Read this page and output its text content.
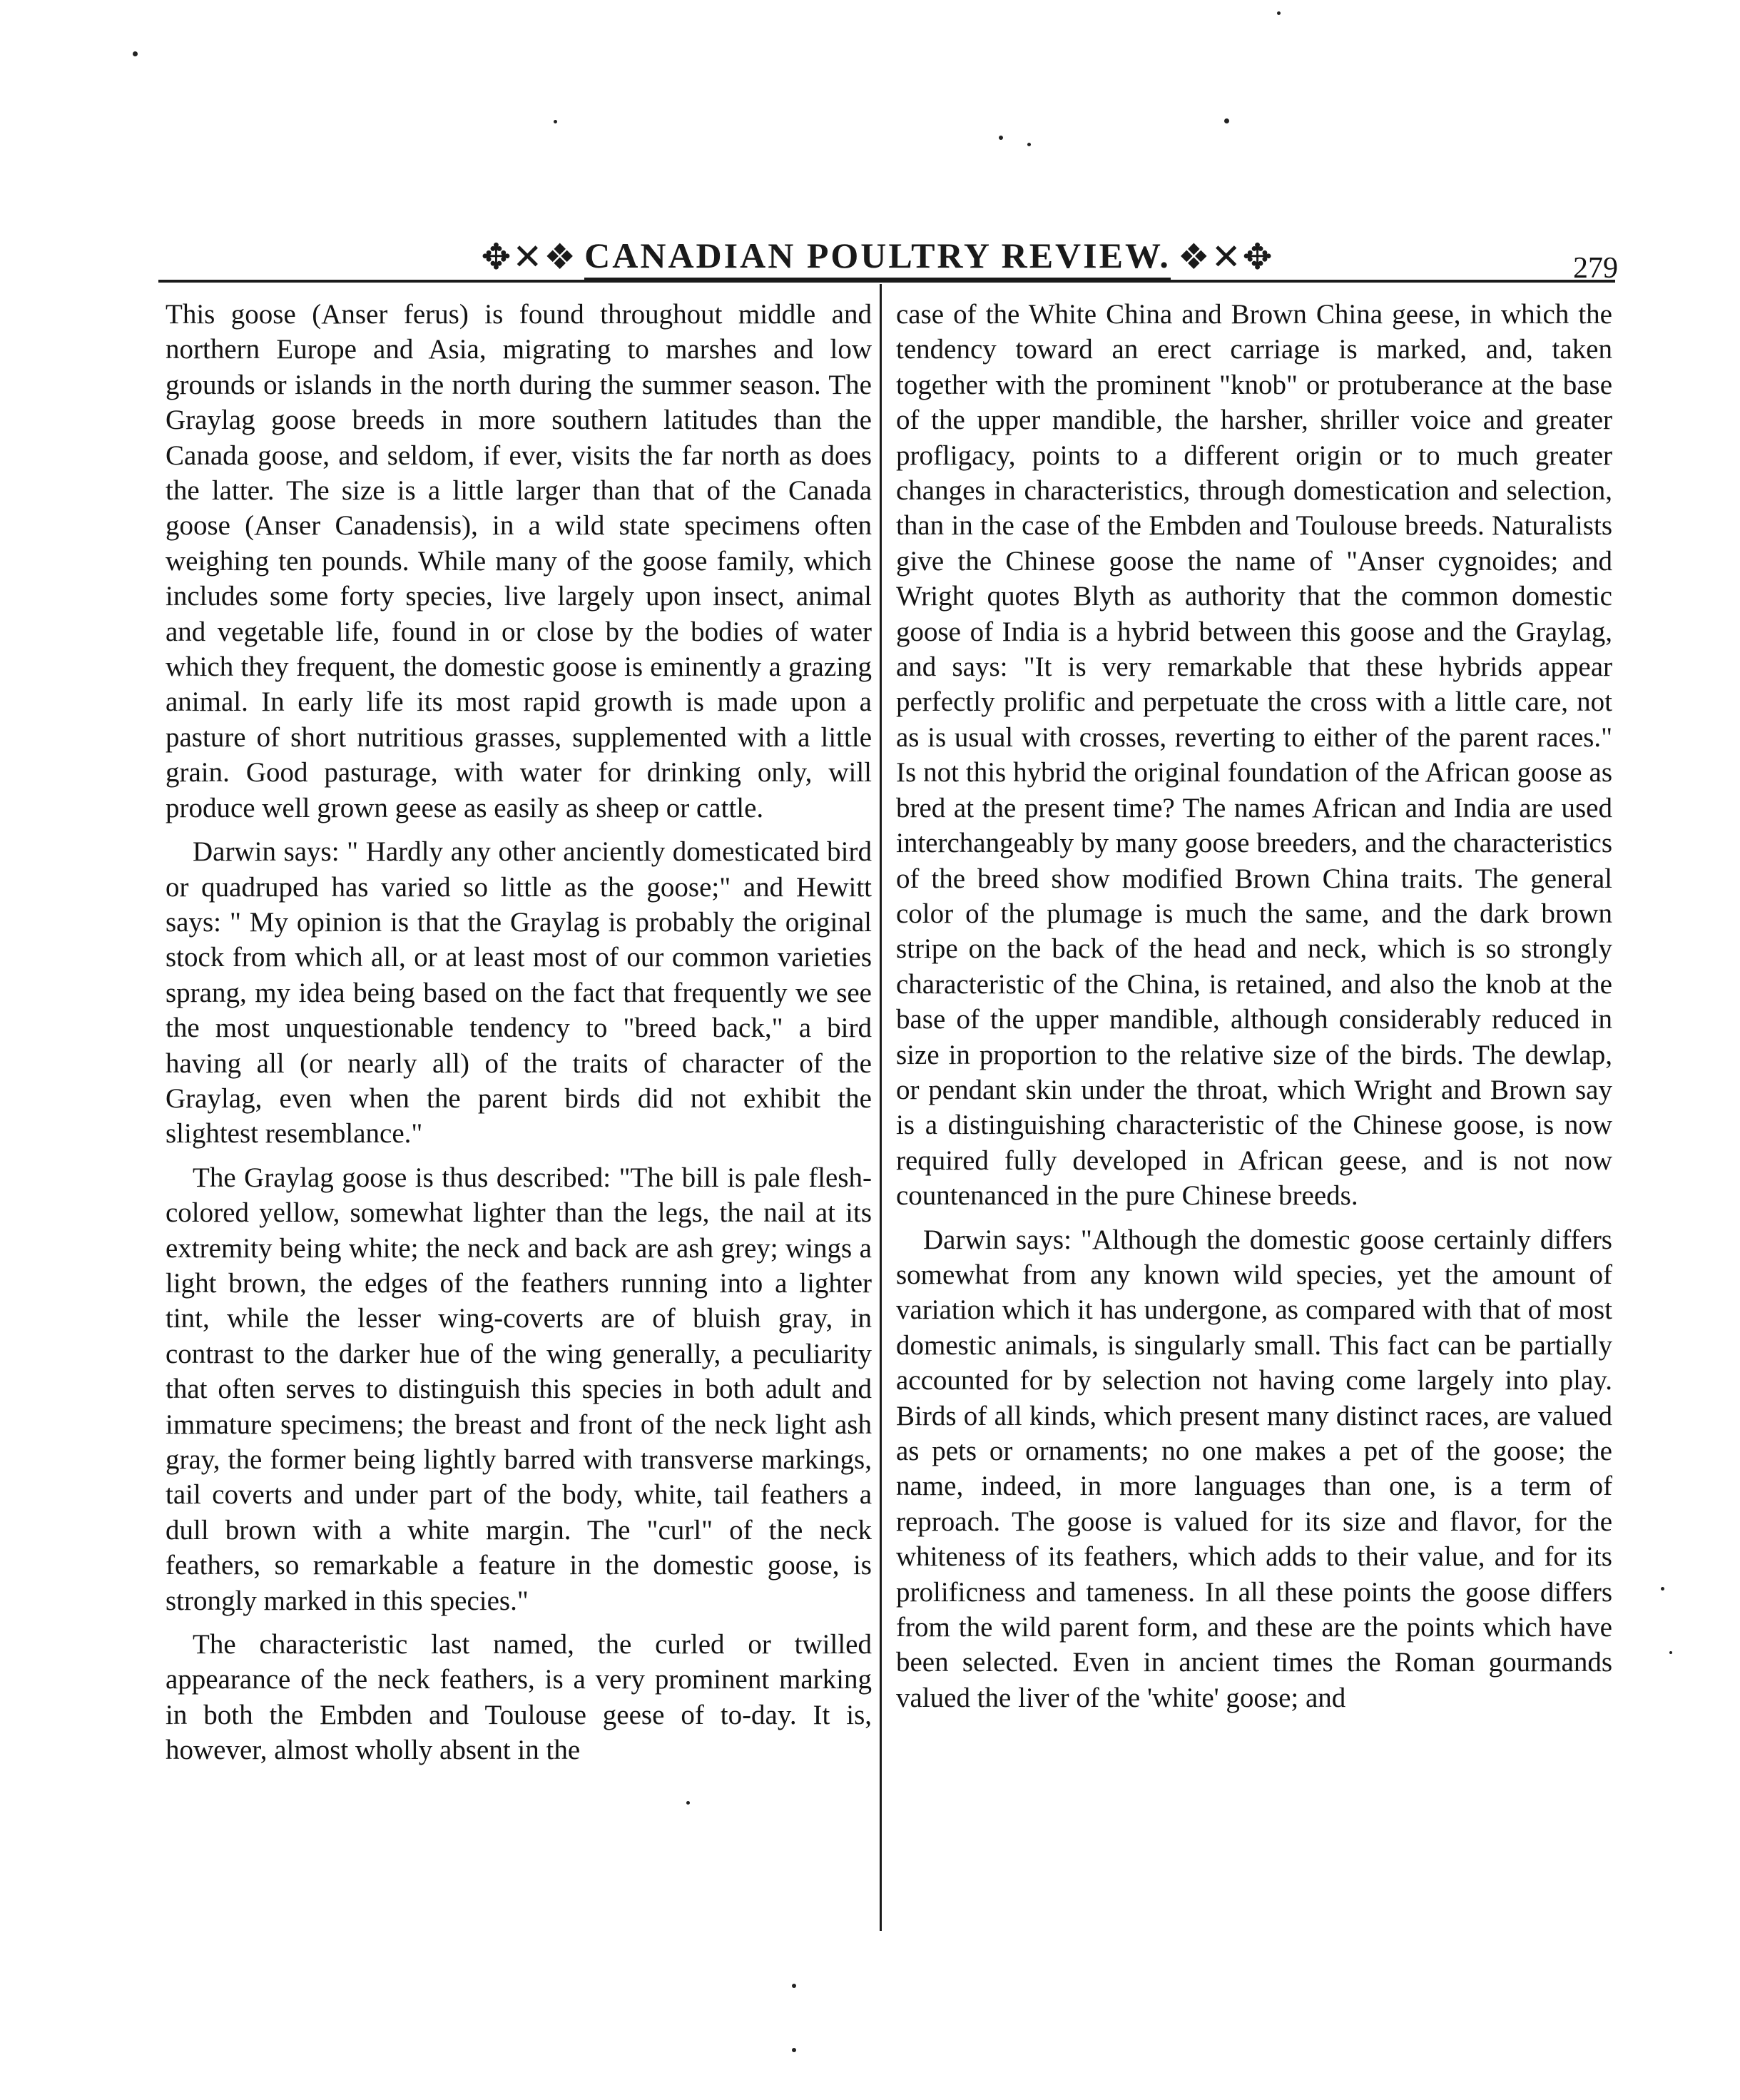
✥✕❖ CANADIAN POULTRY REVIEW. ❖✕✥	279

This goose (Anser ferus) is found throughout middle and northern Europe and Asia, migrating to marshes and low grounds or islands in the north during the summer season. The Graylag goose breeds in more southern latitudes than the Canada goose, and seldom, if ever, visits the far north as does the latter. The size is a little larger than that of the Canada goose (Anser Canadensis), in a wild state specimens often weighing ten pounds. While many of the goose family, which includes some forty species, live largely upon insect, animal and vegetable life, found in or close by the bodies of water which they frequent, the domestic goose is eminently a grazing animal. In early life its most rapid growth is made upon a pasture of short nutritious grasses, supplemented with a little grain. Good pasturage, with water for drinking only, will produce well grown geese as easily as sheep or cattle.

Darwin says: " Hardly any other anciently domesticated bird or quadruped has varied so little as the goose;" and Hewitt says: " My opinion is that the Graylag is probably the original stock from which all, or at least most of our common varieties sprang, my idea being based on the fact that frequently we see the most unquestionable tendency to "breed back," a bird having all (or nearly all) of the traits of character of the Graylag, even when the parent birds did not exhibit the slightest resemblance."

The Graylag goose is thus described: "The bill is pale flesh-colored yellow, somewhat lighter than the legs, the nail at its extremity being white; the neck and back are ash grey; wings a light brown, the edges of the feathers running into a lighter tint, while the lesser wing-coverts are of bluish gray, in contrast to the darker hue of the wing generally, a peculiarity that often serves to distinguish this species in both adult and immature specimens; the breast and front of the neck light ash gray, the former being lightly barred with transverse markings, tail coverts and under part of the body, white, tail feathers a dull brown with a white margin. The "curl" of the neck feathers, so remarkable a feature in the domestic goose, is strongly marked in this species."

The characteristic last named, the curled or twilled appearance of the neck feathers, is a very prominent marking in both the Embden and Toulouse geese of to-day. It is, however, almost wholly absent in the

case of the White China and Brown China geese, in which the tendency toward an erect carriage is marked, and, taken together with the prominent "knob" or protuberance at the base of the upper mandible, the harsher, shriller voice and greater profligacy, points to a different origin or to much greater changes in characteristics, through domestication and selection, than in the case of the Embden and Toulouse breeds. Naturalists give the Chinese goose the name of "Anser cygnoides; and Wright quotes Blyth as authority that the common domestic goose of India is a hybrid between this goose and the Graylag, and says: "It is very remarkable that these hybrids appear perfectly prolific and perpetuate the cross with a little care, not as is usual with crosses, reverting to either of the parent races." Is not this hybrid the original foundation of the African goose as bred at the present time? The names African and India are used interchangeably by many goose breeders, and the characteristics of the breed show modified Brown China traits. The general color of the plumage is much the same, and the dark brown stripe on the back of the head and neck, which is so strongly characteristic of the China, is retained, and also the knob at the base of the upper mandible, although considerably reduced in size in proportion to the relative size of the birds. The dewlap, or pendant skin under the throat, which Wright and Brown say is a distinguishing characteristic of the Chinese goose, is now required fully developed in African geese, and is not now countenanced in the pure Chinese breeds.

Darwin says: "Although the domestic goose certainly differs somewhat from any known wild species, yet the amount of variation which it has undergone, as compared with that of most domestic animals, is singularly small. This fact can be partially accounted for by selection not having come largely into play. Birds of all kinds, which present many distinct races, are valued as pets or ornaments; no one makes a pet of the goose; the name, indeed, in more languages than one, is a term of reproach. The goose is valued for its size and flavor, for the whiteness of its feathers, which adds to their value, and for its prolificness and tameness. In all these points the goose differs from the wild parent form, and these are the points which have been selected. Even in ancient times the Roman gourmands valued the liver of the 'white' goose; and
